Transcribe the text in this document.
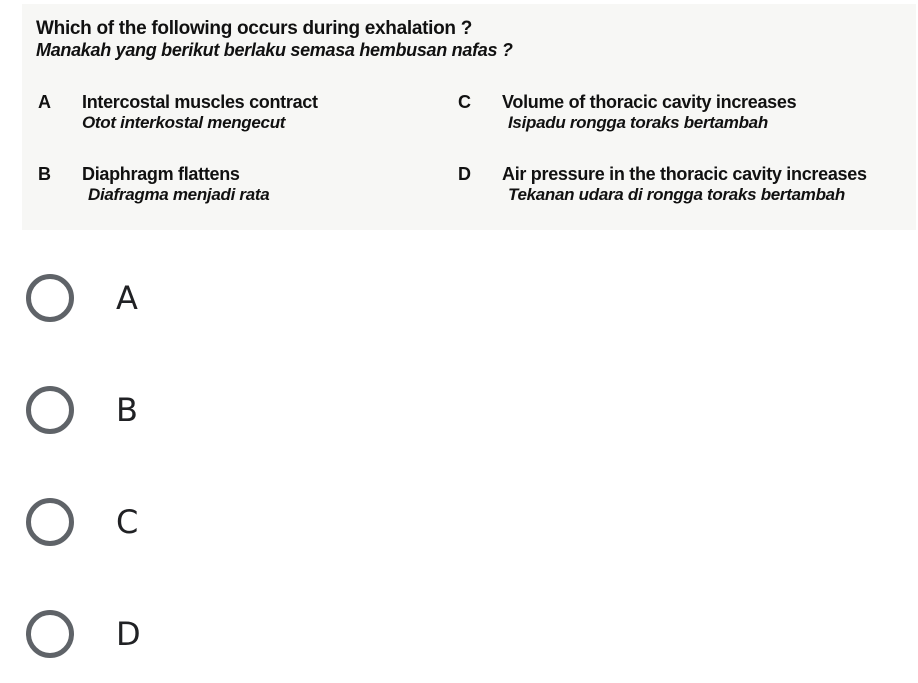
Which of the following occurs during exhalation ?
Manakah yang berikut berlaku semasa hembusan nafas ?
A Intercostal muscles contract
Otot interkostal mengecut
B Diaphragm flattens
Diafragma menjadi rata
C Volume of thoracic cavity increases
Isipadu rongga toraks bertambah
D Air pressure in the thoracic cavity increases
Tekanan udara di rongga toraks bertambah
A
B
C
D
